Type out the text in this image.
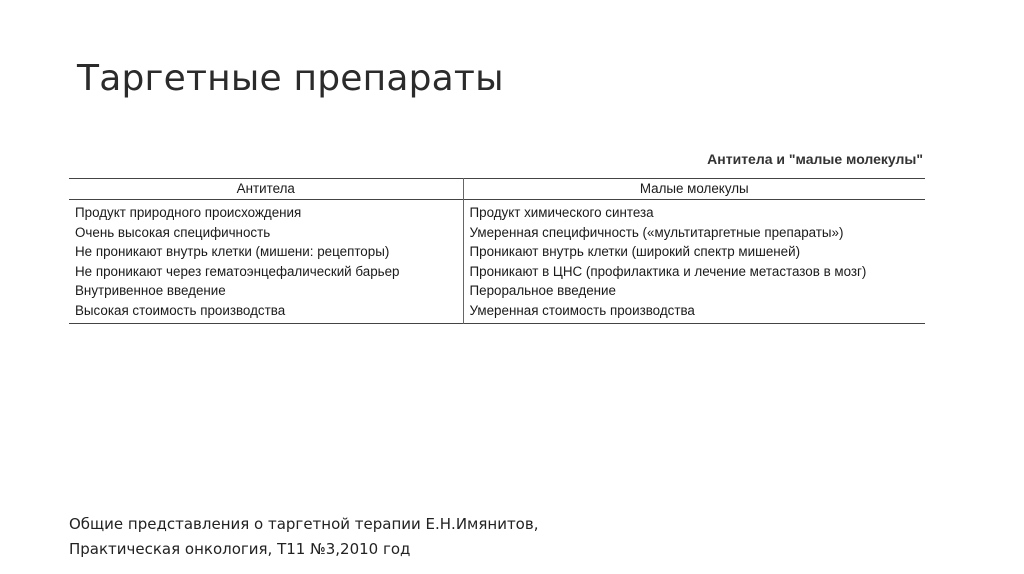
Таргетные препараты
Антитела и "малые молекулы"
Антитела	Малые молекулы
Продукт природного происхождения	Продукт химического синтеза
Очень высокая специфичность	Умеренная специфичность («мультитаргетные препараты»)
Не проникают внутрь клетки (мишени: рецепторы)	Проникают внутрь клетки (широкий спектр мишеней)
Не проникают через гематоэнцефалический барьер	Проникают в ЦНС (профилактика и лечение метастазов в мозг)
Внутривенное введение	Пероральное введение
Высокая стоимость производства	Умеренная стоимость производства
Общие представления о таргетной терапии Е.Н.Имянитов,
Практическая онкология, Т11 №3,2010 год
